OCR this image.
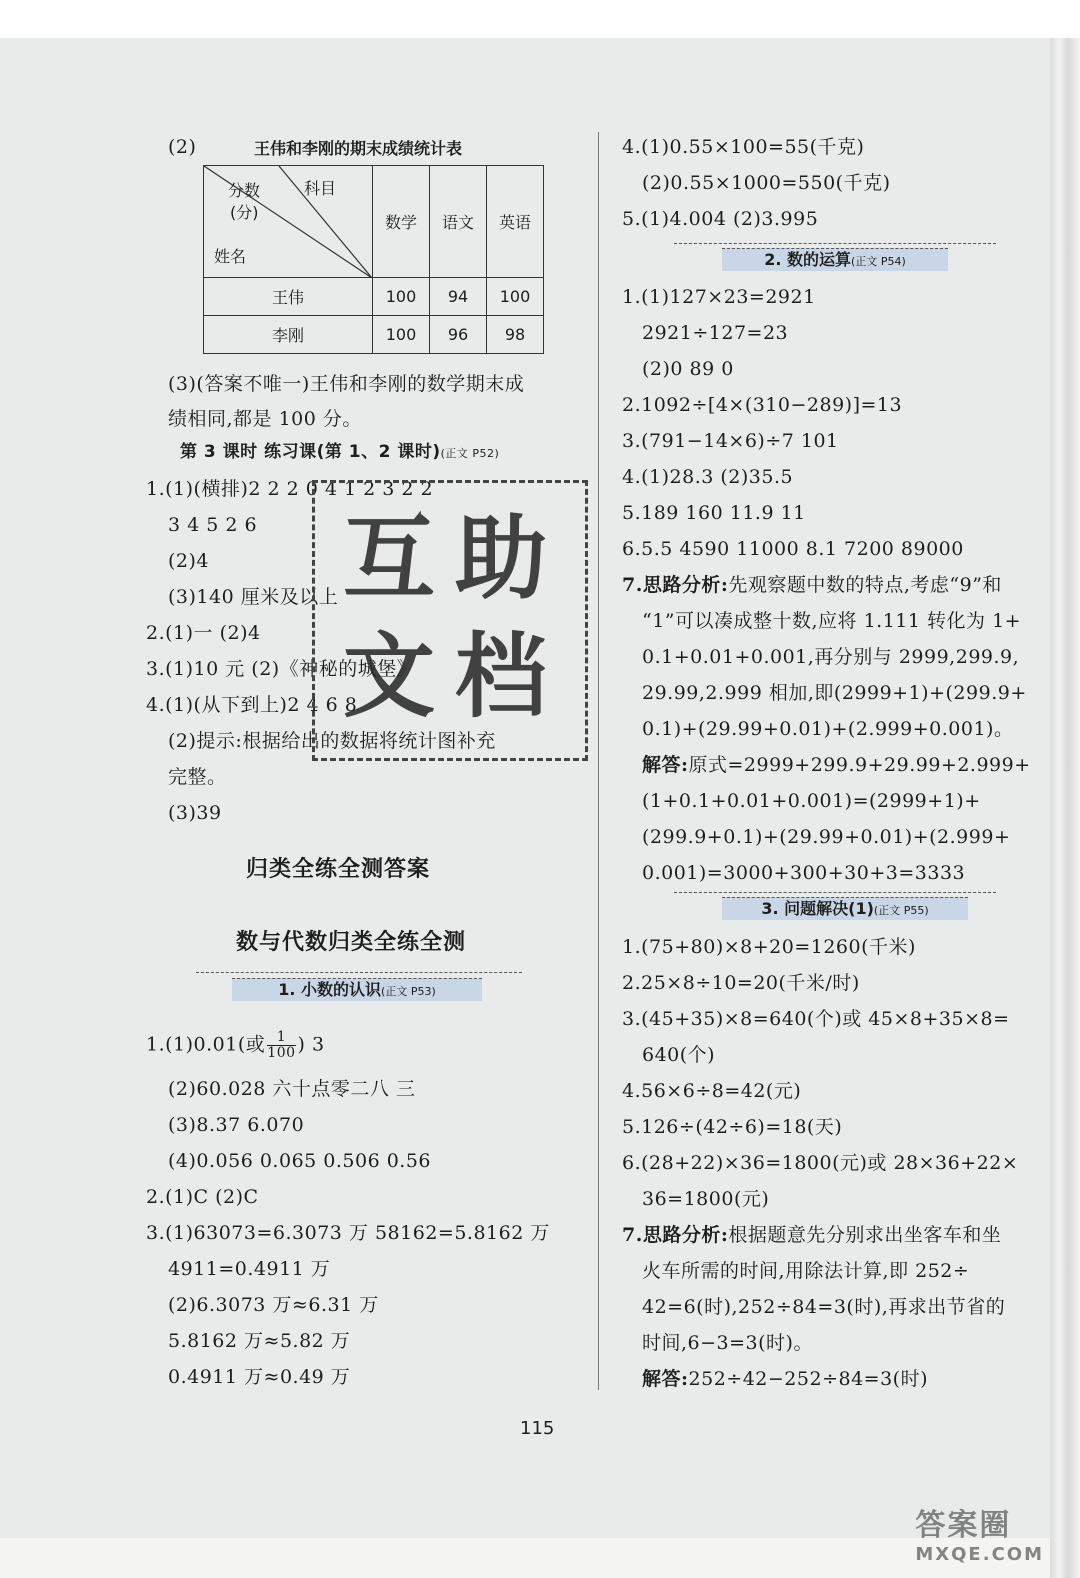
(2)	王伟和李刚的期末成绩统计表
分数
(分)
科目
姓名	数学	语文	英语
王伟	100	94	100
李刚	100	96	98
(3)(答案不唯一)王伟和李刚的数学期末成
绩相同,都是 100 分。
第 3 课时 练习课(第 1、2 课时)(正文 P52)
1.(1)(横排)2 2 2 0 4 1 2 3 2 2
3 4 5 2 6
(2)4
(3)140 厘米及以上
2.(1)一 (2)4
3.(1)10 元 (2)《神秘的城堡》
4.(1)(从下到上)2 4 6 8
(2)提示:根据给出的数据将统计图补充
完整。
(3)39
互 助
文 档
归类全练全测答案
数与代数归类全练全测
1. 小数的认识(正文 P53)
1.(1)0.01(或 $\frac{1}{100}$ ) 3
(2)60.028 六十点零二八 三
(3)8.37 6.070
(4)0.056 0.065 0.506 0.56
2.(1)C (2)C
3.(1)63073=6.3073 万 58162=5.8162 万
4911=0.4911 万
(2)6.3073 万≈6.31 万
5.8162 万≈5.82 万
0.4911 万≈0.49 万
4.(1)0.55×100=55(千克)
(2)0.55×1000=550(千克)
5.(1)4.004 (2)3.995
2. 数的运算(正文 P54)
1.(1)127×23=2921
2921÷127=23
(2)0 89 0
2.1092÷[4×(310−289)]=13
3.(791−14×6)÷7 101
4.(1)28.3 (2)35.5
5.189 160 11.9 11
6.5.5 4590 11000 8.1 7200 89000
7.思路分析:先观察题中数的特点,考虑“9”和
“1”可以凑成整十数,应将 1.111 转化为 1+
0.1+0.01+0.001,再分别与 2999,299.9,
29.99,2.999 相加,即(2999+1)+(299.9+
0.1)+(29.99+0.01)+(2.999+0.001)。
解答:原式=2999+299.9+29.99+2.999+
(1+0.1+0.01+0.001)=(2999+1)+
(299.9+0.1)+(29.99+0.01)+(2.999+
0.001)=3000+300+30+3=3333
3. 问题解决(1)(正文 P55)
1.(75+80)×8+20=1260(千米)
2.25×8÷10=20(千米/时)
3.(45+35)×8=640(个)或 45×8+35×8=
640(个)
4.56×6÷8=42(元)
5.126÷(42÷6)=18(天)
6.(28+22)×36=1800(元)或 28×36+22×
36=1800(元)
7.思路分析:根据题意先分别求出坐客车和坐
火车所需的时间,用除法计算,即 252÷
42=6(时),252÷84=3(时),再求出节省的
时间,6−3=3(时)。
解答:252÷42−252÷84=3(时)
115
答案圈
MXQE.COM
